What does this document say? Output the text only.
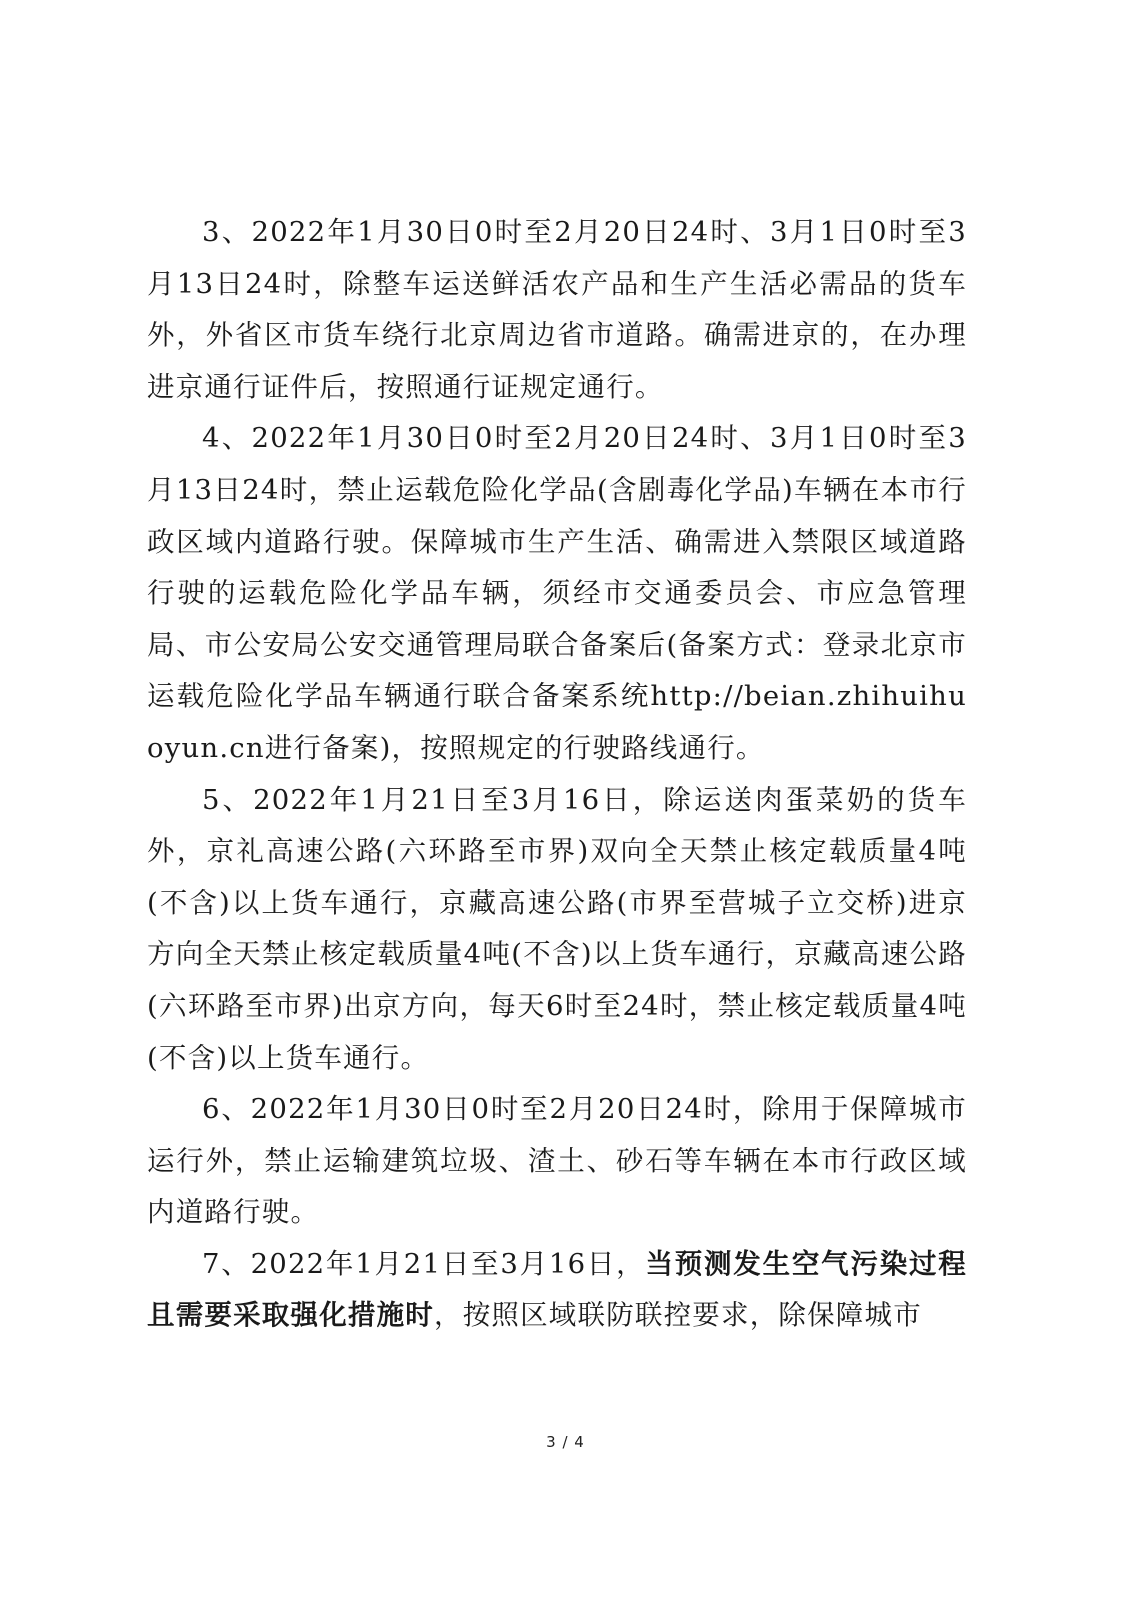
3、2022年1月30日0时至2月20日24时、3月1日0时至3月13日24时，除整车运送鲜活农产品和生产生活必需品的货车外，外省区市货车绕行北京周边省市道路。确需进京的，在办理进京通行证件后，按照通行证规定通行。

4、2022年1月30日0时至2月20日24时、3月1日0时至3月13日24时，禁止运载危险化学品(含剧毒化学品)车辆在本市行政区域内道路行驶。保障城市生产生活、确需进入禁限区域道路行驶的运载危险化学品车辆，须经市交通委员会、市应急管理局、市公安局公安交通管理局联合备案后(备案方式：登录北京市运载危险化学品车辆通行联合备案系统http://beian.zhihuihuoyun.cn进行备案)，按照规定的行驶路线通行。

5、2022年1月21日至3月16日，除运送肉蛋菜奶的货车外，京礼高速公路(六环路至市界)双向全天禁止核定载质量4吨(不含)以上货车通行，京藏高速公路(市界至营城子立交桥)进京方向全天禁止核定载质量4吨(不含)以上货车通行，京藏高速公路(六环路至市界)出京方向，每天6时至24时，禁止核定载质量4吨(不含)以上货车通行。

6、2022年1月30日0时至2月20日24时，除用于保障城市运行外，禁止运输建筑垃圾、渣土、砂石等车辆在本市行政区域内道路行驶。

7、2022年1月21日至3月16日，当预测发生空气污染过程且需要采取强化措施时，按照区域联防联控要求，除保障城市

3 / 4
